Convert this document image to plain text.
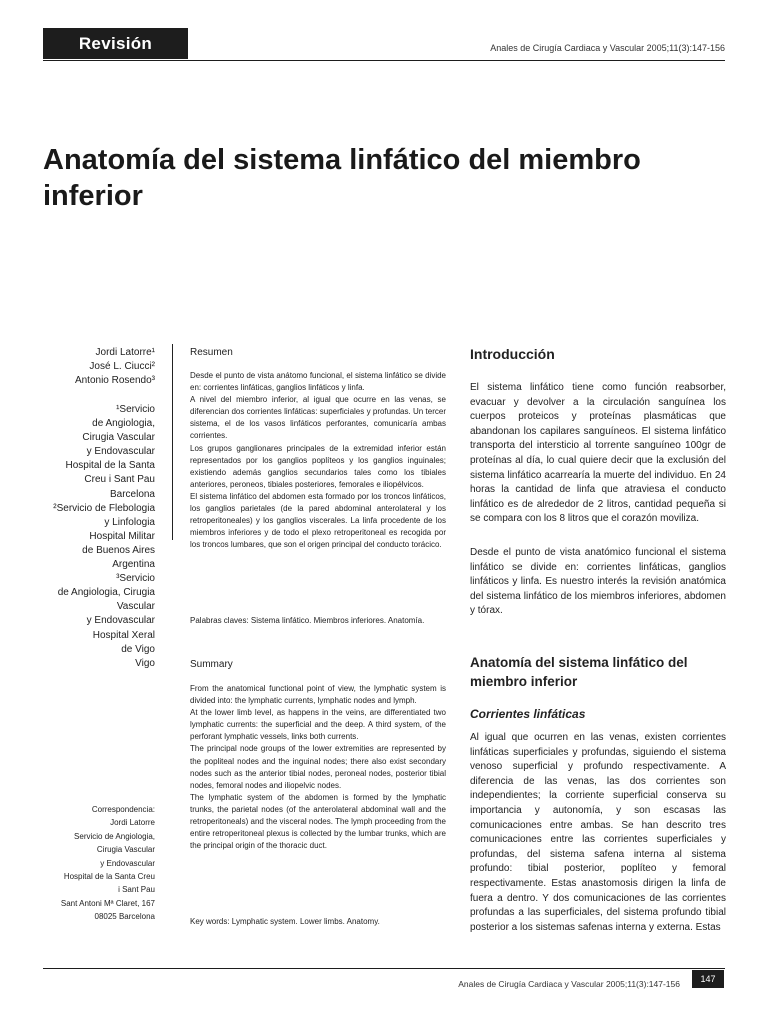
Revisión	Anales de Cirugía Cardiaca y Vascular 2005;11(3):147-156
Anatomía del sistema linfático del miembro inferior

Jordi Latorre¹

José L. Ciucci²

Antonio Rosendo³

¹Servicio

de Angiologia,

Cirugia Vascular

y Endovascular

Hospital de la Santa

Creu i Sant Pau

Barcelona

²Servicio de Flebologia

y Linfologia

Hospital Militar

de Buenos Aires

Argentina

³Servicio

de Angiologia, Cirugia

Vascular

y Endovascular

Hospital Xeral

de Vigo

Vigo

Correspondencia:

Jordi Latorre

Servicio de Angiologia,

Cirugia Vascular

y Endovascular

Hospital de la Santa Creu

i Sant Pau

Sant Antoni Mª Claret, 167

08025 Barcelona

Resumen

Desde el punto de vista anátomo funcional, el sistema linfático se divide en: corrientes linfáticas, ganglios linfáticos y linfa.

A nivel del miembro inferior, al igual que ocurre en las venas, se diferencian dos corrientes linfáticas: superficiales y profundas. Un tercer sistema, el de los vasos linfáticos perforantes, comunicaría ambas corrientes.

Los grupos ganglionares principales de la extremidad inferior están representados por los ganglios poplíteos y los ganglios inguinales; existiendo además ganglios secundarios tales como los tibiales anteriores, peroneos, tibiales posteriores, femorales e iliopélvicos.

El sistema linfático del abdomen esta formado por los troncos linfáticos, los ganglios parietales (de la pared abdominal anterolateral y los retroperitoneales) y los ganglios viscerales. La linfa procedente de los miembros inferiores y de todo el plexo retroperitoneal es recogida por los troncos lumbares, que son el origen principal del conducto torácico.

Palabras claves: Sistema linfático. Miembros inferiores. Anatomía.
Summary

From the anatomical functional point of view, the lymphatic system is divided into: the lymphatic currents, lymphatic nodes and lymph.

At the lower limb level, as happens in the veins, are differentiated two lymphatic currents: the superficial and the deep. A third system, of the perforant lymphatic vessels, links both currents.

The principal node groups of the lower extremities are represented by the popliteal nodes and the inguinal nodes; there also exist secondary nodes such as the anterior tibial nodes, peroneal nodes, posterior tibial nodes, femoral nodes and iliopelvic nodes.

The lymphatic system of the abdomen is formed by the lymphatic trunks, the parietal nodes (of the anterolateral abdominal wall and the retroperitoneals) and the visceral nodes. The lymph proceeding from the entire retroperitoneal plexus is collected by the lumbar trunks, which are the principal origin of the thoracic duct.

Key words: Lymphatic system. Lower limbs. Anatomy.
Introducción
El sistema linfático tiene como función reabsorber, evacuar y devolver a la circulación sanguínea los cuerpos proteicos y proteínas plasmáticas que abandonan los capilares sanguíneos. El sistema linfático transporta del intersticio al torrente sanguíneo 100gr de proteínas al día, lo cual quiere decir que la exclusión del sistema linfático acarrearía la muerte del individuo. En 24 horas la cantidad de linfa que atraviesa el conducto linfático es de alrededor de 2 litros, cantidad pequeña si se compara con los 8 litros que el corazón moviliza.
Desde el punto de vista anatómico funcional el sistema linfático se divide en: corrientes linfáticas, ganglios linfáticos y linfa. Es nuestro interés la revisión anatómica del sistema linfático de los miembros inferiores, abdomen y tórax.
Anatomía del sistema linfático del miembro inferior
Corrientes linfáticas
Al igual que ocurren en las venas, existen corrientes linfáticas superficiales y profundas, siguiendo el sistema venoso superficial y profundo respectivamente. A diferencia de las venas, las dos corrientes son independientes; la corriente superficial conserva su importancia y autonomía, y son escasas las comunicaciones entre ambas. Se han descrito tres comunicaciones entre las corrientes superficiales y profundas, del sistema safena interna al sistema profundo: tibial posterior, poplíteo y femoral respectivamente. Estas anastomosis dirigen la linfa de fuera a dentro. Y dos comunicaciones de las corrientes profundas a las superficiales, del sistema profundo tibial posterior a los sistemas safenas interna y externa. Estas
Anales de Cirugía Cardiaca y Vascular 2005;11(3):147-156	147
